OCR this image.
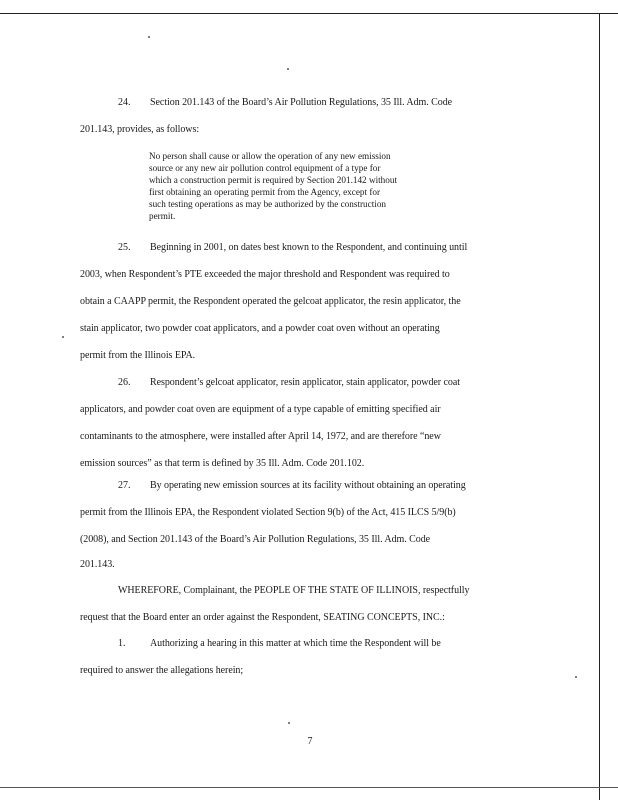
24. Section 201.143 of the Board’s Air Pollution Regulations, 35 Ill. Adm. Code
201.143, provides, as follows:
No person shall cause or allow the operation of any new emission
source or any new air pollution control equipment of a type for
which a construction permit is required by Section 201.142 without
first obtaining an operating permit from the Agency, except for
such testing operations as may be authorized by the construction
permit.
25. Beginning in 2001, on dates best known to the Respondent, and continuing until
2003, when Respondent’s PTE exceeded the major threshold and Respondent was required to
obtain a CAAPP permit, the Respondent operated the gelcoat applicator, the resin applicator, the
stain applicator, two powder coat applicators, and a powder coat oven without an operating
permit from the Illinois EPA.
26. Respondent’s gelcoat applicator, resin applicator, stain applicator, powder coat
applicators, and powder coat oven are equipment of a type capable of emitting specified air
contaminants to the atmosphere, were installed after April 14, 1972, and are therefore “new
emission sources” as that term is defined by 35 Ill. Adm. Code 201.102.
27. By operating new emission sources at its facility without obtaining an operating
permit from the Illinois EPA, the Respondent violated Section 9(b) of the Act, 415 ILCS 5/9(b)
(2008), and Section 201.143 of the Board’s Air Pollution Regulations, 35 Ill. Adm. Code
201.143.
WHEREFORE, Complainant, the PEOPLE OF THE STATE OF ILLINOIS, respectfully
request that the Board enter an order against the Respondent, SEATING CONCEPTS, INC.:
1. Authorizing a hearing in this matter at which time the Respondent will be
required to answer the allegations herein;
7
